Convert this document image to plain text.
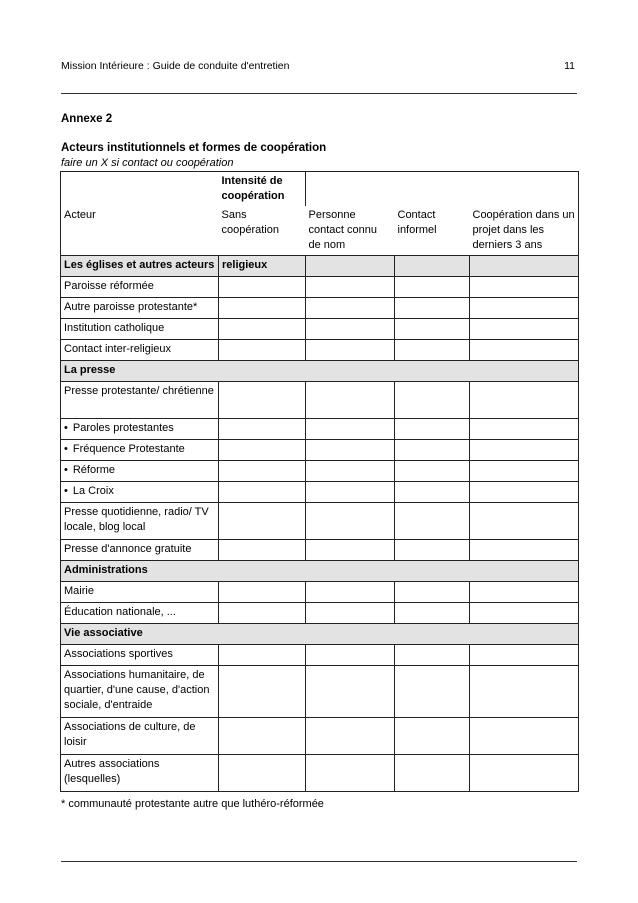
Mission Intérieure : Guide de conduite d'entretien	11
Annexe 2
Acteurs institutionnels et formes de coopération
faire un X si contact ou coopération
	Intensité de coopération			
Acteur	Sans coopération	Personne contact connu de nom	Contact informel	Coopération dans un projet dans les derniers 3 ans
Les églises et autres acteurs	religieux			
Paroisse réformée				
Autre paroisse protestante*				
Institution catholique				
Contact inter-religieux				
La presse				
Presse protestante/ chrétienne				
• Paroles protestantes				
• Fréquence Protestante				
• Réforme				
• La Croix				
Presse quotidienne, radio/ TV locale, blog local				
Presse d'annonce gratuite				
Administrations				
Mairie				
Éducation nationale, ...				
Vie associative				
Associations sportives				
Associations humanitaire, de quartier, d'une cause, d'action sociale, d'entraide				
Associations de culture, de loisir				
Autres associations (lesquelles)				
* communauté protestante autre que luthéro-réformée
